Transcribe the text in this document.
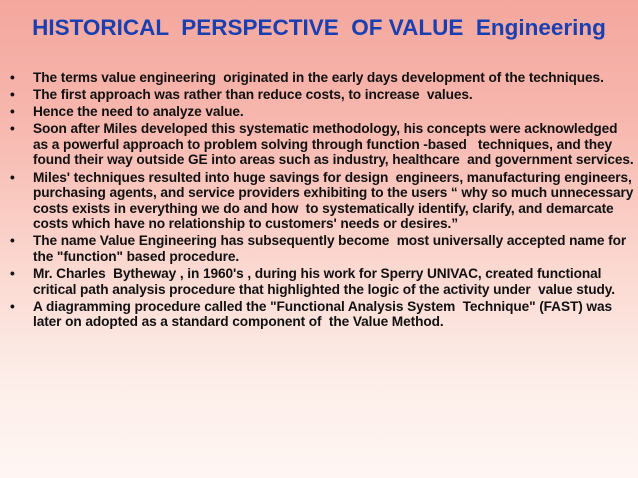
HISTORICAL  PERSPECTIVE  OF VALUE  Engineering
• The terms value engineering  originated in the early days development of the techniques.
• The first approach was rather than reduce costs, to increase  values.
• Hence the need to analyze value.
• Soon after Miles developed this systematic methodology, his concepts were acknowledged as a powerful approach to problem solving through function -based   techniques, and they found their way outside GE into areas such as industry, healthcare  and government services.
• Miles' techniques resulted into huge savings for design  engineers, manufacturing engineers, purchasing agents, and service providers exhibiting to the users “ why so much unnecessary costs exists in everything we do and how  to systematically identify, clarify, and demarcate costs which have no relationship to customers' needs or desires.”
• The name Value Engineering has subsequently become  most universally accepted name for the "function" based procedure.
• Mr. Charles  Bytheway , in 1960's , during his work for Sperry UNIVAC, created functional critical path analysis procedure that highlighted the logic of the activity under  value study.
• A diagramming procedure called the "Functional Analysis System  Technique" (FAST) was later on adopted as a standard component of  the Value Method.
